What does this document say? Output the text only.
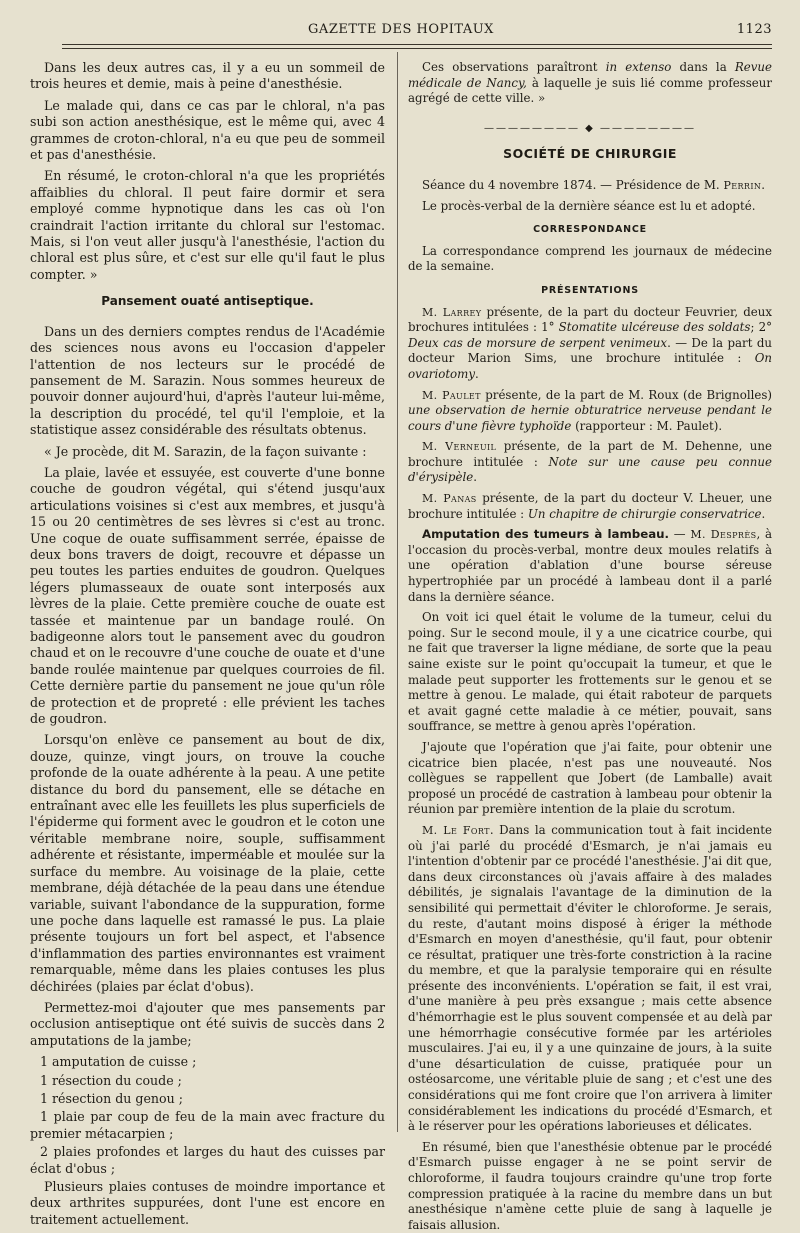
GAZETTE DES HOPITAUX	1123

Dans les deux autres cas, il y a eu un sommeil de trois heures et demie, mais à peine d'anesthésie.

Le malade qui, dans ce cas par le chloral, n'a pas subi son action anesthésique, est le même qui, avec 4 grammes de croton-chloral, n'a eu que peu de sommeil et pas d'anesthésie.

En résumé, le croton-chloral n'a que les propriétés affaiblies du chloral. Il peut faire dormir et sera employé comme hypnotique dans les cas où l'on craindrait l'action irritante du chloral sur l'estomac. Mais, si l'on veut aller jusqu'à l'anesthésie, l'action du chloral est plus sûre, et c'est sur elle qu'il faut le plus compter. »

Pansement ouaté antiseptique.

Dans un des derniers comptes rendus de l'Académie des sciences nous avons eu l'occasion d'appeler l'attention de nos lecteurs sur le procédé de pansement de M. Sarazin. Nous sommes heureux de pouvoir donner aujourd'hui, d'après l'auteur lui-même, la description du procédé, tel qu'il l'emploie, et la statistique assez considérable des résultats obtenus.

« Je procède, dit M. Sarazin, de la façon suivante :

La plaie, lavée et essuyée, est couverte d'une bonne couche de goudron végétal, qui s'étend jusqu'aux articulations voisines si c'est aux membres, et jusqu'à 15 ou 20 centimètres de ses lèvres si c'est au tronc. Une coque de ouate suffisamment serrée, épaisse de deux bons travers de doigt, recouvre et dépasse un peu toutes les parties enduites de goudron. Quelques légers plumasseaux de ouate sont interposés aux lèvres de la plaie. Cette première couche de ouate est tassée et maintenue par un bandage roulé. On badigeonne alors tout le pansement avec du goudron chaud et on le recouvre d'une couche de ouate et d'une bande roulée maintenue par quelques courroies de fil. Cette dernière partie du pansement ne joue qu'un rôle de protection et de propreté : elle prévient les taches de goudron.

Lorsqu'on enlève ce pansement au bout de dix, douze, quinze, vingt jours, on trouve la couche profonde de la ouate adhérente à la peau. A une petite distance du bord du pansement, elle se détache en entraînant avec elle les feuillets les plus superficiels de l'épiderme qui forment avec le goudron et le coton une véritable membrane noire, souple, suffisamment adhérente et résistante, imperméable et moulée sur la surface du membre. Au voisinage de la plaie, cette membrane, déjà détachée de la peau dans une étendue variable, suivant l'abondance de la suppuration, forme une poche dans laquelle est ramassé le pus. La plaie présente toujours un fort bel aspect, et l'absence d'inflammation des parties environnantes est vraiment remarquable, même dans les plaies contuses les plus déchirées (plaies par éclat d'obus).

Permettez-moi d'ajouter que mes pansements par occlusion antiseptique ont été suivis de succès dans 2 amputations de la jambe;

1 amputation de cuisse ;

1 résection du coude ;

1 résection du genou ;

1 plaie par coup de feu de la main avec fracture du premier métacarpien ;

2 plaies profondes et larges du haut des cuisses par éclat d'obus ;

Plusieurs plaies contuses de moindre importance et deux arthrites suppurées, dont l'une est encore en traitement actuellement.

Ces observations paraîtront in extenso dans la Revue médicale de Nancy, à laquelle je suis lié comme professeur agrégé de cette ville. »

———————— ◆ ————————
SOCIÉTÉ DE CHIRURGIE

Séance du 4 novembre 1874. — Présidence de M. Perrin.

Le procès-verbal de la dernière séance est lu et adopté.

CORRESPONDANCE

La correspondance comprend les journaux de médecine de la semaine.

PRÉSENTATIONS

M. Larrey présente, de la part du docteur Feuvrier, deux brochures intitulées : 1° Stomatite ulcéreuse des soldats; 2° Deux cas de morsure de serpent venimeux. — De la part du docteur Marion Sims, une brochure intitulée : On ovariotomy.

M. Paulet présente, de la part de M. Roux (de Brignolles) une observation de hernie obturatrice nerveuse pendant le cours d'une fièvre typhoïde (rapporteur : M. Paulet).

M. Verneuil présente, de la part de M. Dehenne, une brochure intitulée : Note sur une cause peu connue d'érysipèle.

M. Panas présente, de la part du docteur V. Lheuer, une brochure intitulée : Un chapitre de chirurgie conservatrice.

Amputation des tumeurs à lambeau. — M. Desprès, à l'occasion du procès-verbal, montre deux moules relatifs à une opération d'ablation d'une bourse séreuse hypertrophiée par un procédé à lambeau dont il a parlé dans la dernière séance.

On voit ici quel était le volume de la tumeur, celui du poing. Sur le second moule, il y a une cicatrice courbe, qui ne fait que traverser la ligne médiane, de sorte que la peau saine existe sur le point qu'occupait la tumeur, et que le malade peut supporter les frottements sur le genou et se mettre à genou. Le malade, qui était raboteur de parquets et avait gagné cette maladie à ce métier, pouvait, sans souffrance, se mettre à genou après l'opération.

J'ajoute que l'opération que j'ai faite, pour obtenir une cicatrice bien placée, n'est pas une nouveauté. Nos collègues se rappellent que Jobert (de Lamballe) avait proposé un procédé de castration à lambeau pour obtenir la réunion par première intention de la plaie du scrotum.

M. Le Fort. Dans la communication tout à fait incidente où j'ai parlé du procédé d'Esmarch, je n'ai jamais eu l'intention d'obtenir par ce procédé l'anesthésie. J'ai dit que, dans deux circonstances où j'avais affaire à des malades débilités, je signalais l'avantage de la diminution de la sensibilité qui permettait d'éviter le chloroforme. Je serais, du reste, d'autant moins disposé à ériger la méthode d'Esmarch en moyen d'anesthésie, qu'il faut, pour obtenir ce résultat, pratiquer une très-forte constriction à la racine du membre, et que la paralysie temporaire qui en résulte présente des inconvénients. L'opération se fait, il est vrai, d'une manière à peu près exsangue ; mais cette absence d'hémorrhagie est le plus souvent compensée et au delà par une hémorrhagie consécutive formée par les artérioles musculaires. J'ai eu, il y a une quinzaine de jours, à la suite d'une désarticulation de cuisse, pratiquée pour un ostéosarcome, une véritable pluie de sang ; et c'est une des considérations qui me font croire que l'on arrivera à limiter considérablement les indications du procédé d'Esmarch, et à le réserver pour les opérations laborieuses et délicates.

En résumé, bien que l'anesthésie obtenue par le procédé d'Esmarch puisse engager à ne se point servir de chloroforme, il faudra toujours craindre qu'une trop forte compression pratiquée à la racine du membre dans un but anesthésique n'amène cette pluie de sang à laquelle je faisais allusion.
